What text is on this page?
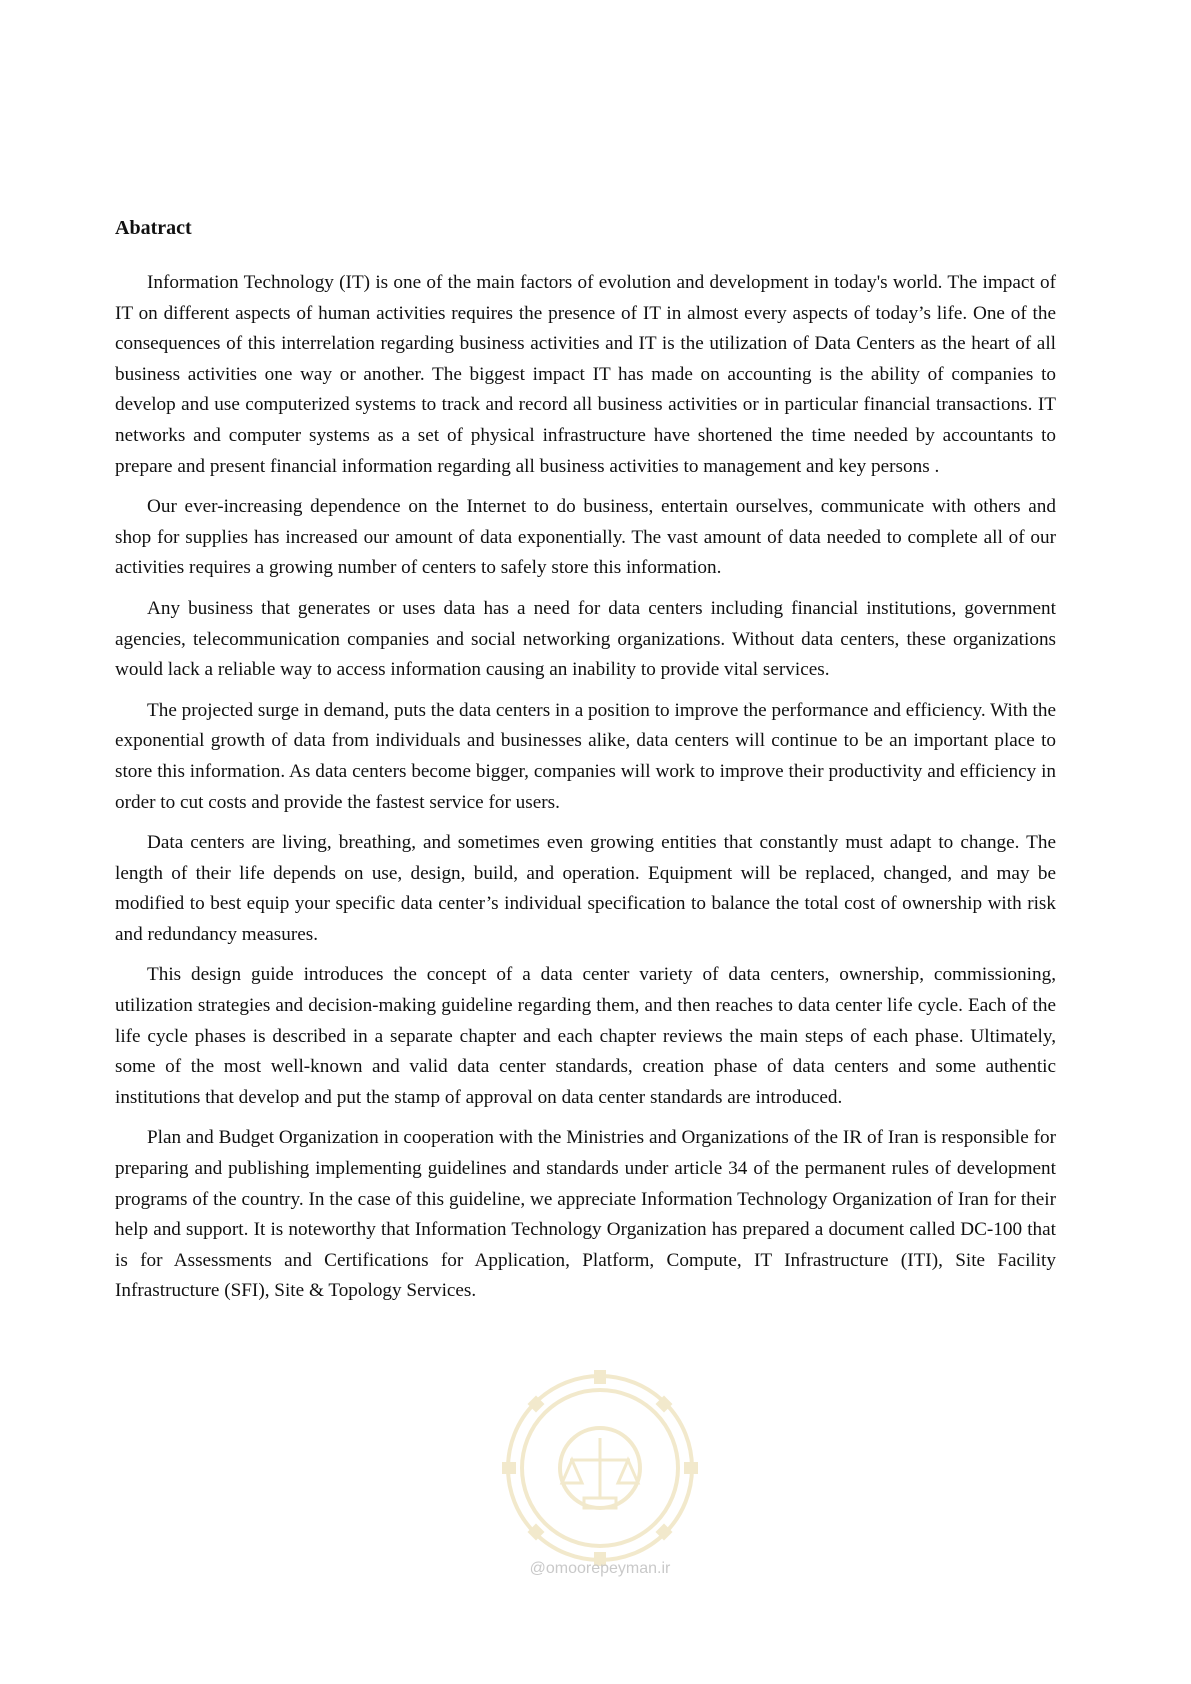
Abatract

Information Technology (IT) is one of the main factors of evolution and development in today's world. The impact of IT on different aspects of human activities requires the presence of IT in almost every aspects of today’s life. One of the consequences of this interrelation regarding business activities and IT is the utilization of Data Centers as the heart of all business activities one way or another. The biggest impact IT has made on accounting is the ability of companies to develop and use computerized systems to track and record all business activities or in particular financial transactions. IT networks and computer systems as a set of physical infrastructure have shortened the time needed by accountants to prepare and present financial information regarding all business activities to management and key persons .

Our ever-increasing dependence on the Internet to do business, entertain ourselves, communicate with others and shop for supplies has increased our amount of data exponentially. The vast amount of data needed to complete all of our activities requires a growing number of centers to safely store this information.

Any business that generates or uses data has a need for data centers including financial institutions, government agencies, telecommunication companies and social networking organizations. Without data centers, these organizations would lack a reliable way to access information causing an inability to provide vital services.

The projected surge in demand, puts the data centers in a position to improve the performance and efficiency. With the exponential growth of data from individuals and businesses alike, data centers will continue to be an important place to store this information. As data centers become bigger, companies will work to improve their productivity and efficiency in order to cut costs and provide the fastest service for users.

Data centers are living, breathing, and sometimes even growing entities that constantly must adapt to change. The length of their life depends on use, design, build, and operation. Equipment will be replaced, changed, and may be modified to best equip your specific data center’s individual specification to balance the total cost of ownership with risk and redundancy measures.

This design guide introduces the concept of a data center variety of data centers, ownership, commissioning, utilization strategies and decision-making guideline regarding them, and then reaches to data center life cycle. Each of the life cycle phases is described in a separate chapter and each chapter reviews the main steps of each phase. Ultimately, some of the most well-known and valid data center standards, creation phase of data centers and some authentic institutions that develop and put the stamp of approval on data center standards are introduced.

Plan and Budget Organization in cooperation with the Ministries and Organizations of the IR of Iran is responsible for preparing and publishing implementing guidelines and standards under article 34 of the permanent rules of development programs of the country. In the case of this guideline, we appreciate Information Technology Organization of Iran for their help and support. It is noteworthy that Information Technology Organization has prepared a document called DC-100 that is for Assessments and Certifications for Application, Platform, Compute, IT Infrastructure (ITI), Site Facility Infrastructure (SFI), Site & Topology Services.

@omoorepeyman.ir
